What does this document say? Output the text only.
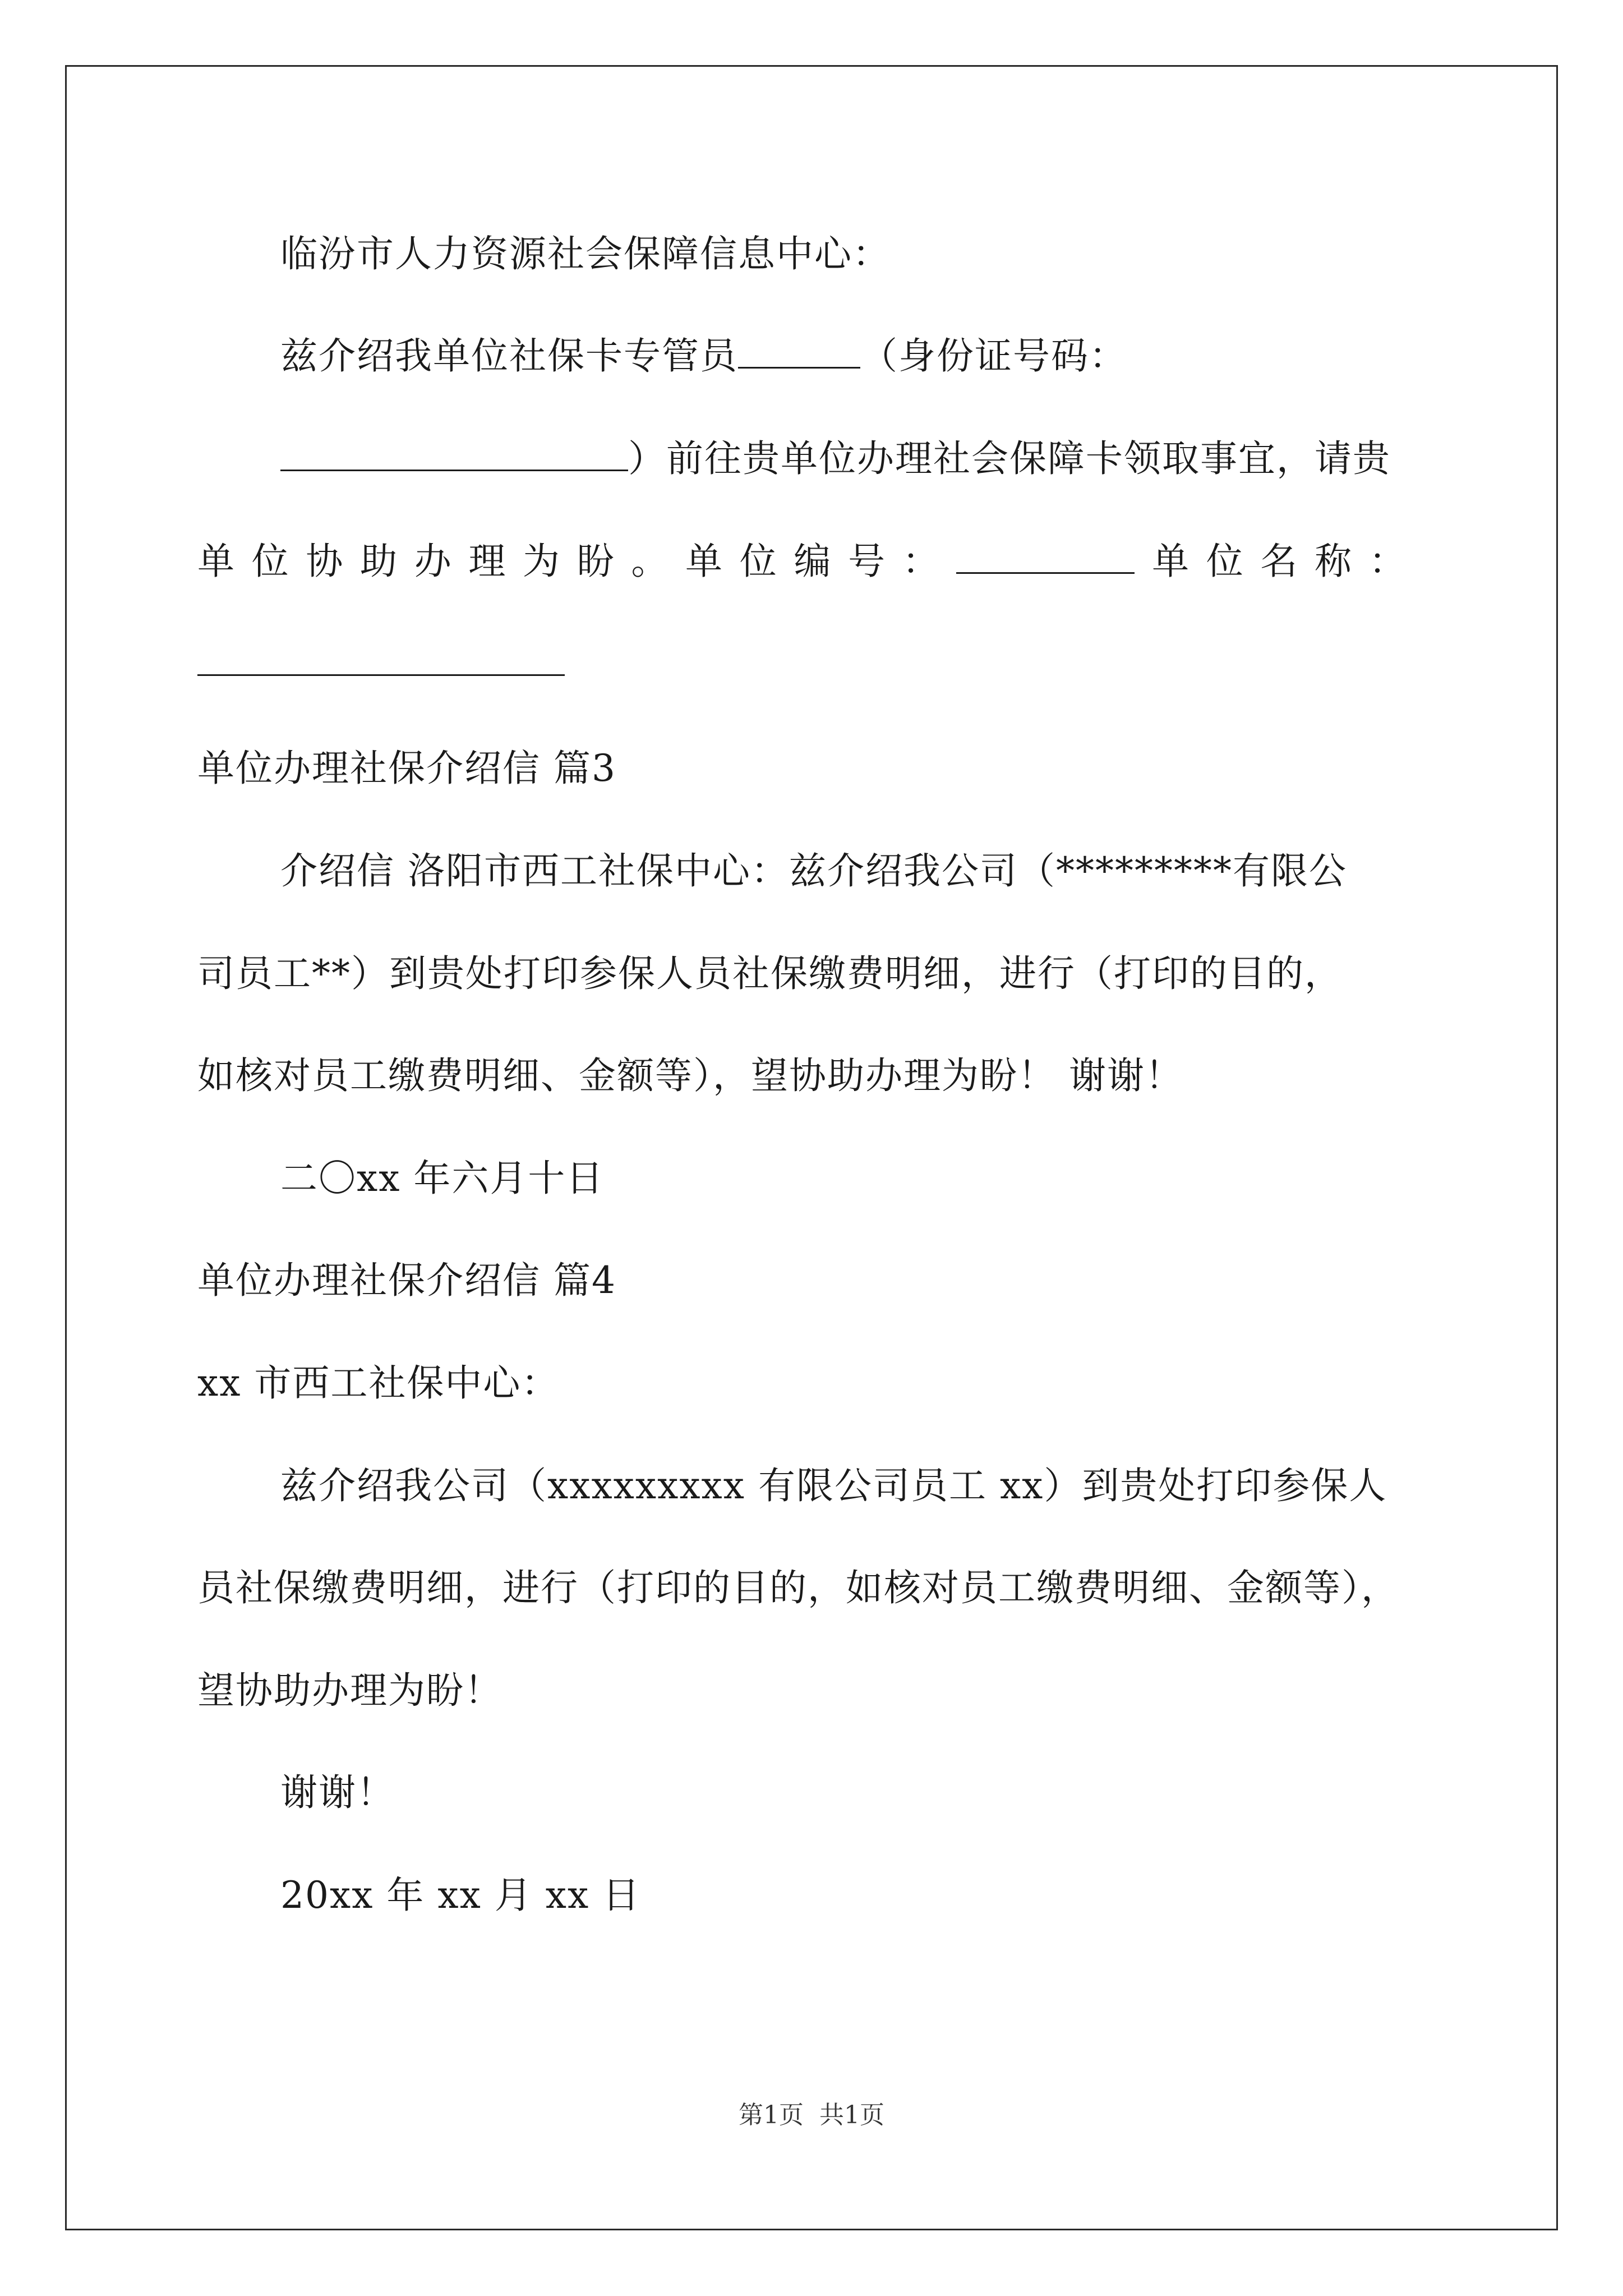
临汾市人力资源社会保障信息中心：
兹介绍我单位社保卡专管员	（身份证号码：
）前往贵单位办理社会保障卡领取事宜，请贵
单 位 协 助 办 理 为 盼 。 单 位 编 号 ：	单 位 名 称 ：
单位办理社保介绍信 篇3
介绍信 洛阳市西工社保中心：兹介绍我公司（*********有限公
司员工**）到贵处打印参保人员社保缴费明细，进行（打印的目的，
如核对员工缴费明细、金额等），望协助办理为盼！ 谢谢！
二〇xx 年六月十日
单位办理社保介绍信 篇4
xx 市西工社保中心：
兹介绍我公司（xxxxxxxxx 有限公司员工 xx）到贵处打印参保人
员社保缴费明细，进行（打印的目的，如核对员工缴费明细、金额等），
望协助办理为盼！
谢谢！
20xx 年 xx 月 xx 日
第1页 共1页
